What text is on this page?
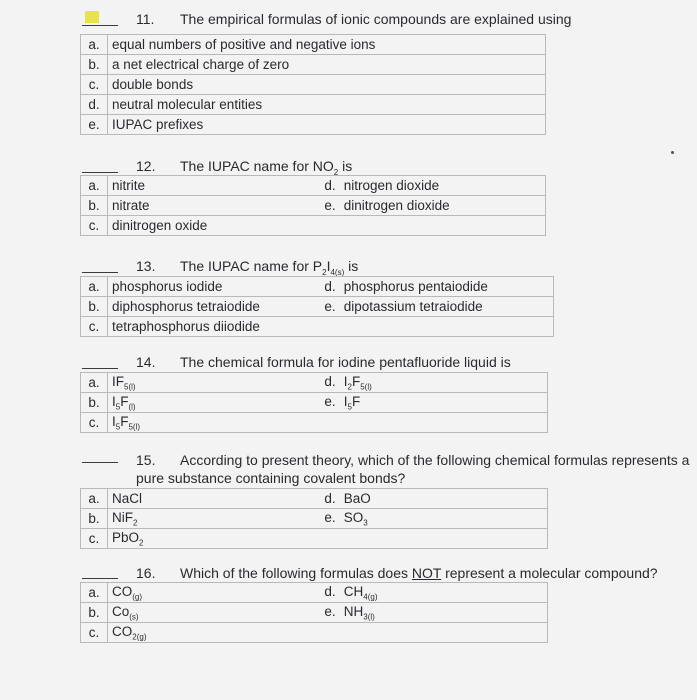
11. The empirical formulas of ionic compounds are explained using
a.	equal numbers of positive and negative ions
b.	a net electrical charge of zero
c.	double bonds
d.	neutral molecular entities
e.	IUPAC prefixes
12. The IUPAC name for $NO_2$ is
a.	nitrite	d. nitrogen dioxide
b.	nitrate	e. dinitrogen dioxide
c.	dinitrogen oxide	
13. The IUPAC name for $P_2I_{4(s)}$ is
a.	phosphorus iodide	d. phosphorus pentaiodide
b.	diphosphorus tetraiodide	e. dipotassium tetraiodide
c.	tetraphosphorus diiodide	
14. The chemical formula for iodine pentafluoride liquid is
a.	$IF_{5(l)}$	d. $I_2F_{5(l)}$
b.	$I_5F_{(l)}$	e. $I_5F$
c.	$I_5F_{5(l)}$	
15. According to present theory, which of the following chemical formulas represents a
pure substance containing covalent bonds?
a.	NaCl	d. BaO
b.	NiF$_2$	e. $SO_3$
c.	PbO$_2$	
16. Which of the following formulas does NOT represent a molecular compound?
a.	$CO_{(g)}$	d. $CH_{4(g)}$
b.	$Co_{(s)}$	e. $NH_{3(l)}$
c.	$CO_{2(g)}$	
